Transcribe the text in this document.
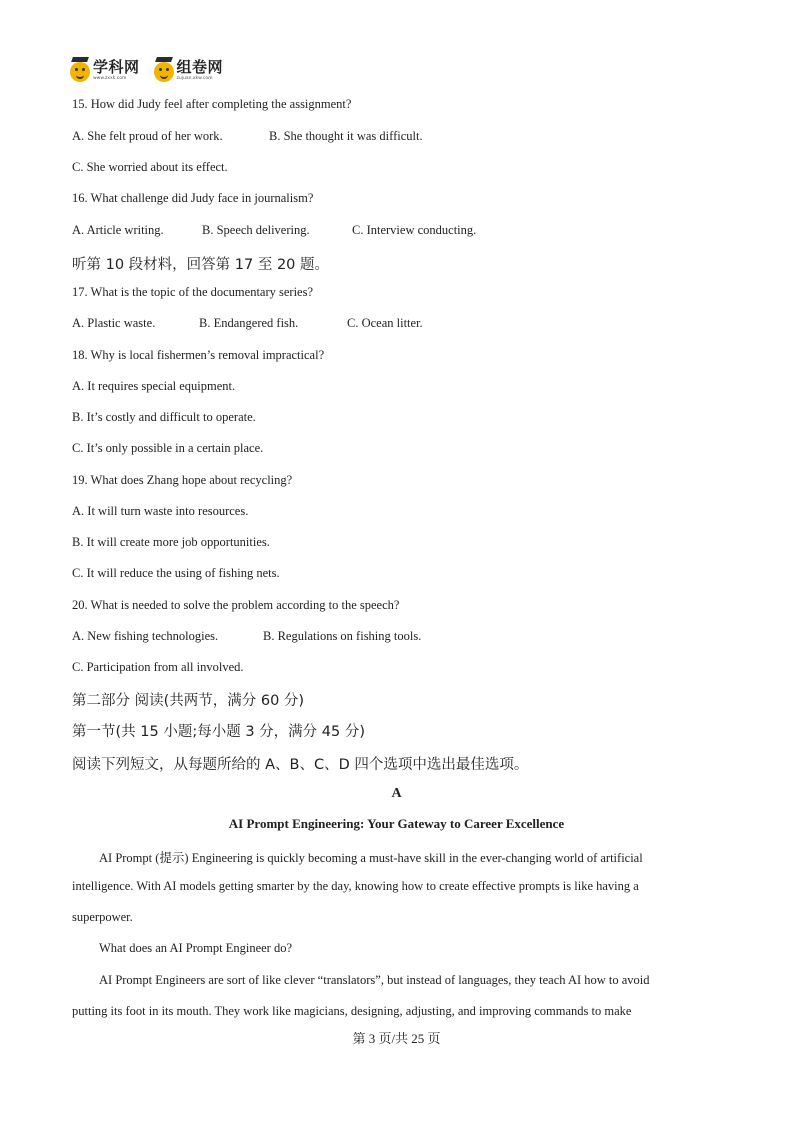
学科网
www.zxxk.com
组卷网
zujuan.xkw.com
15. How did Judy feel after completing the assignment?
A. She felt proud of her work.	B. She thought it was difficult.
C. She worried about its effect.
16. What challenge did Judy face in journalism?
A. Article writing.	B. Speech delivering.	C. Interview conducting.
听第 10 段材料，回答第 17 至 20 题。
17. What is the topic of the documentary series?
A. Plastic waste.	B. Endangered fish.	C. Ocean litter.
18. Why is local fishermen’s removal impractical?
A. It requires special equipment.
B. It’s costly and difficult to operate.
C. It’s only possible in a certain place.
19. What does Zhang hope about recycling?
A. It will turn waste into resources.
B. It will create more job opportunities.
C. It will reduce the using of fishing nets.
20. What is needed to solve the problem according to the speech?
A. New fishing technologies.	B. Regulations on fishing tools.
C. Participation from all involved.
第二部分 阅读(共两节，满分 60 分)
第一节(共 15 小题;每小题 3 分，满分 45 分)
阅读下列短文，从每题所给的 A、B、C、D 四个选项中选出最佳选项。
A
AI Prompt Engineering: Your Gateway to Career Excellence
AI Prompt (提示) Engineering is quickly becoming a must-have skill in the ever-changing world of artificial
intelligence. With AI models getting smarter by the day, knowing how to create effective prompts is like having a
superpower.
What does an AI Prompt Engineer do?
AI Prompt Engineers are sort of like clever “translators”, but instead of languages, they teach AI how to avoid
putting its foot in its mouth. They work like magicians, designing, adjusting, and improving commands to make
第 3 页/共 25 页
